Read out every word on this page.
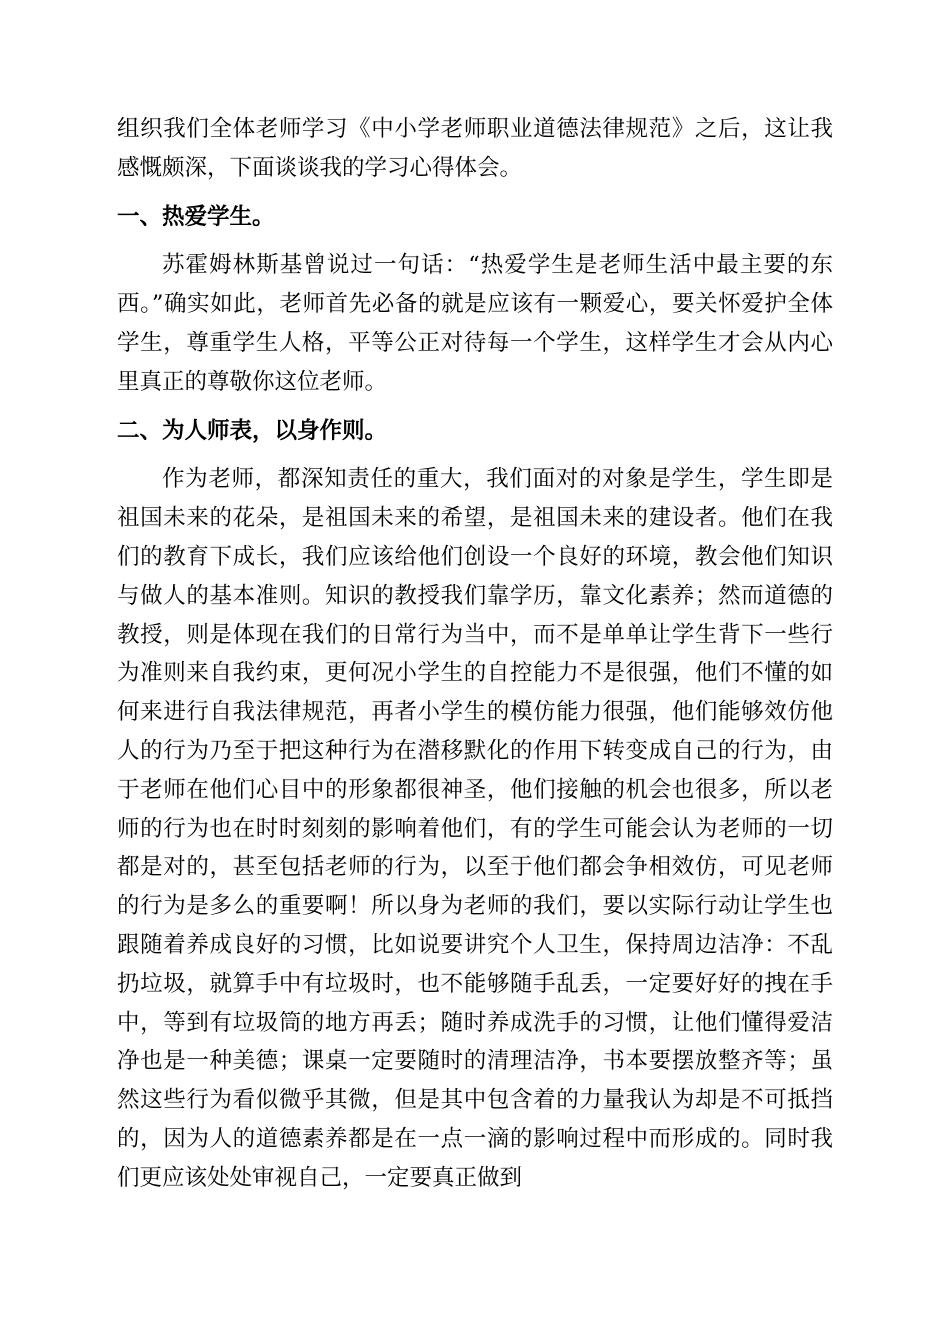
组织我们全体老师学习《中小学老师职业道德法律规范》之后，这让我感慨颇深，下面谈谈我的学习心得体会。

一、热爱学生。

苏霍姆林斯基曾说过一句话：“热爱学生是老师生活中最主要的东西。”确实如此，老师首先必备的就是应该有一颗爱心，要关怀爱护全体学生，尊重学生人格，平等公正对待每一个学生，这样学生才会从内心里真正的尊敬你这位老师。

二、为人师表，以身作则。

作为老师，都深知责任的重大，我们面对的对象是学生，学生即是祖国未来的花朵，是祖国未来的希望，是祖国未来的建设者。他们在我们的教育下成长，我们应该给他们创设一个良好的环境，教会他们知识与做人的基本准则。知识的教授我们靠学历，靠文化素养；然而道德的教授，则是体现在我们的日常行为当中，而不是单单让学生背下一些行为准则来自我约束，更何况小学生的自控能力不是很强，他们不懂的如何来进行自我法律规范，再者小学生的模仿能力很强，他们能够效仿他人的行为乃至于把这种行为在潜移默化的作用下转变成自己的行为，由于老师在他们心目中的形象都很神圣，他们接触的机会也很多，所以老师的行为也在时时刻刻的影响着他们，有的学生可能会认为老师的一切都是对的，甚至包括老师的行为，以至于他们都会争相效仿，可见老师的行为是多么的重要啊！所以身为老师的我们，要以实际行动让学生也跟随着养成良好的习惯，比如说要讲究个人卫生，保持周边洁净：不乱扔垃圾，就算手中有垃圾时，也不能够随手乱丢，一定要好好的拽在手中，等到有垃圾筒的地方再丢；随时养成洗手的习惯，让他们懂得爱洁净也是一种美德；课桌一定要随时的清理洁净，书本要摆放整齐等；虽然这些行为看似微乎其微，但是其中包含着的力量我认为却是不可抵挡的，因为人的道德素养都是在一点一滴的影响过程中而形成的。同时我们更应该处处审视自己，一定要真正做到
